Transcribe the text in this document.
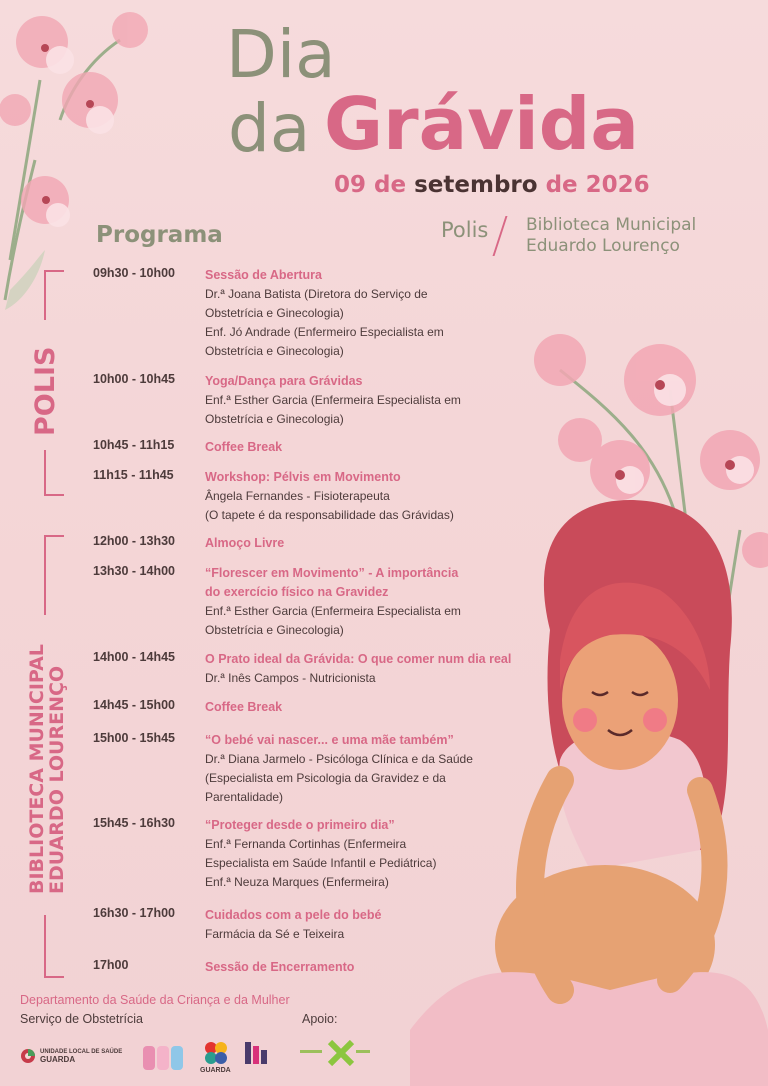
Dia
da Grávida
09 de setembro de 2026
Programa	Polis Biblioteca Municipal
Eduardo Lourenço
POLIS
BIBLIOTECA MUNICIPAL
EDUARDO LOURENÇO
09h30 - 10h00	Sessão de Abertura
Dr.ª Joana Batista (Diretora do Serviço de
Obstetrícia e Ginecologia)
Enf. Jó Andrade (Enfermeiro Especialista em
Obstetrícia e Ginecologia)
10h00 - 10h45	Yoga/Dança para Grávidas
Enf.ª Esther Garcia (Enfermeira Especialista em
Obstetrícia e Ginecologia)
10h45 - 11h15	Coffee Break
11h15 - 11h45	Workshop: Pélvis em Movimento
Ângela Fernandes - Fisioterapeuta
(O tapete é da responsabilidade das Grávidas)
12h00 - 13h30	Almoço Livre
13h30 - 14h00	“Florescer em Movimento” - A importância
do exercício físico na Gravidez
Enf.ª Esther Garcia (Enfermeira Especialista em
Obstetrícia e Ginecologia)
14h00 - 14h45	O Prato ideal da Grávida: O que comer num dia real
Dr.ª Inês Campos - Nutricionista
14h45 - 15h00	Coffee Break
15h00 - 15h45	“O bebé vai nascer... e uma mãe também”
Dr.ª Diana Jarmelo - Psicóloga Clínica e da Saúde
(Especialista em Psicologia da Gravidez e da
Parentalidade)
15h45 - 16h30	“Proteger desde o primeiro dia”
Enf.ª Fernanda Cortinhas (Enfermeira
Especialista em Saúde Infantil e Pediátrica)
Enf.ª Neuza Marques (Enfermeira)
16h30 - 17h00	Cuidados com a pele do bebé
Farmácia da Sé e Teixeira
17h00	Sessão de Encerramento
Departamento da Saúde da Criança e da Mulher
Serviço de Obstetrícia	Apoio:
UNIDADE LOCAL DE SAÚDE
GUARDA
GUARDA
